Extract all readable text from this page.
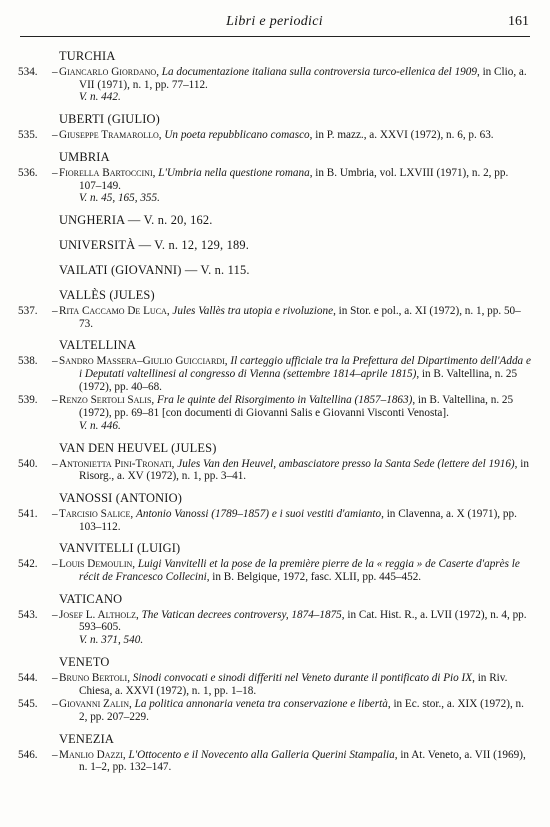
Libri e periodici	161
TURCHIA
534.	– Giancarlo Giordano, La documentazione italiana sulla controversia turco-ellenica del 1909, in Clio, a. VII (1971), n. 1, pp. 77–112.
V. n. 442.
UBERTI (GIULIO)
535.	– Giuseppe Tramarollo, Un poeta repubblicano comasco, in P. mazz., a. XXVI (1972), n. 6, p. 63.
UMBRIA
536.	– Fiorella Bartoccini, L'Umbria nella questione romana, in B. Umbria, vol. LXVIII (1971), n. 2, pp. 107–149.
V. n. 45, 165, 355.
UNGHERIA — V. n. 20, 162.
UNIVERSITÀ — V. n. 12, 129, 189.
VAILATI (GIOVANNI) — V. n. 115.
VALLÈS (JULES)
537.	– Rita Caccamo De Luca, Jules Vallès tra utopia e rivoluzione, in Stor. e pol., a. XI (1972), n. 1, pp. 50–73.
VALTELLINA
538.	– Sandro Massera–Giulio Guicciardi, Il carteggio ufficiale tra la Prefettura del Dipartimento dell'Adda e i Deputati valtellinesi al congresso di Vienna (settembre 1814–aprile 1815), in B. Valtellina, n. 25 (1972), pp. 40–68.
539.	– Renzo Sertoli Salis, Fra le quinte del Risorgimento in Valtellina (1857–1863), in B. Valtellina, n. 25 (1972), pp. 69–81 [con documenti di Giovanni Salis e Giovanni Visconti Venosta].
V. n. 446.
VAN DEN HEUVEL (JULES)
540.	– Antonietta Pini-Tronati, Jules Van den Heuvel, ambasciatore presso la Santa Sede (lettere del 1916), in Risorg., a. XV (1972), n. 1, pp. 3–41.
VANOSSI (ANTONIO)
541.	– Tarcisio Salice, Antonio Vanossi (1789–1857) e i suoi vestiti d'amianto, in Clavenna, a. X (1971), pp. 103–112.
VANVITELLI (LUIGI)
542.	– Louis Demoulin, Luigi Vanvitelli et la pose de la première pierre de la « reggia » de Caserte d'après le récit de Francesco Collecini, in B. Belgique, 1972, fasc. XLII, pp. 445–452.
VATICANO
543.	– Josef L. Altholz, The Vatican decrees controversy, 1874–1875, in Cat. Hist. R., a. LVII (1972), n. 4, pp. 593–605.
V. n. 371, 540.
VENETO
544.	– Bruno Bertoli, Sinodi convocati e sinodi differiti nel Veneto durante il pontificato di Pio IX, in Riv. Chiesa, a. XXVI (1972), n. 1, pp. 1–18.
545.	– Giovanni Zalin, La politica annonaria veneta tra conservazione e libertà, in Ec. stor., a. XIX (1972), n. 2, pp. 207–229.
VENEZIA
546.	– Manlio Dazzi, L'Ottocento e il Novecento alla Galleria Querini Stampalia, in At. Veneto, a. VII (1969), n. 1–2, pp. 132–147.
